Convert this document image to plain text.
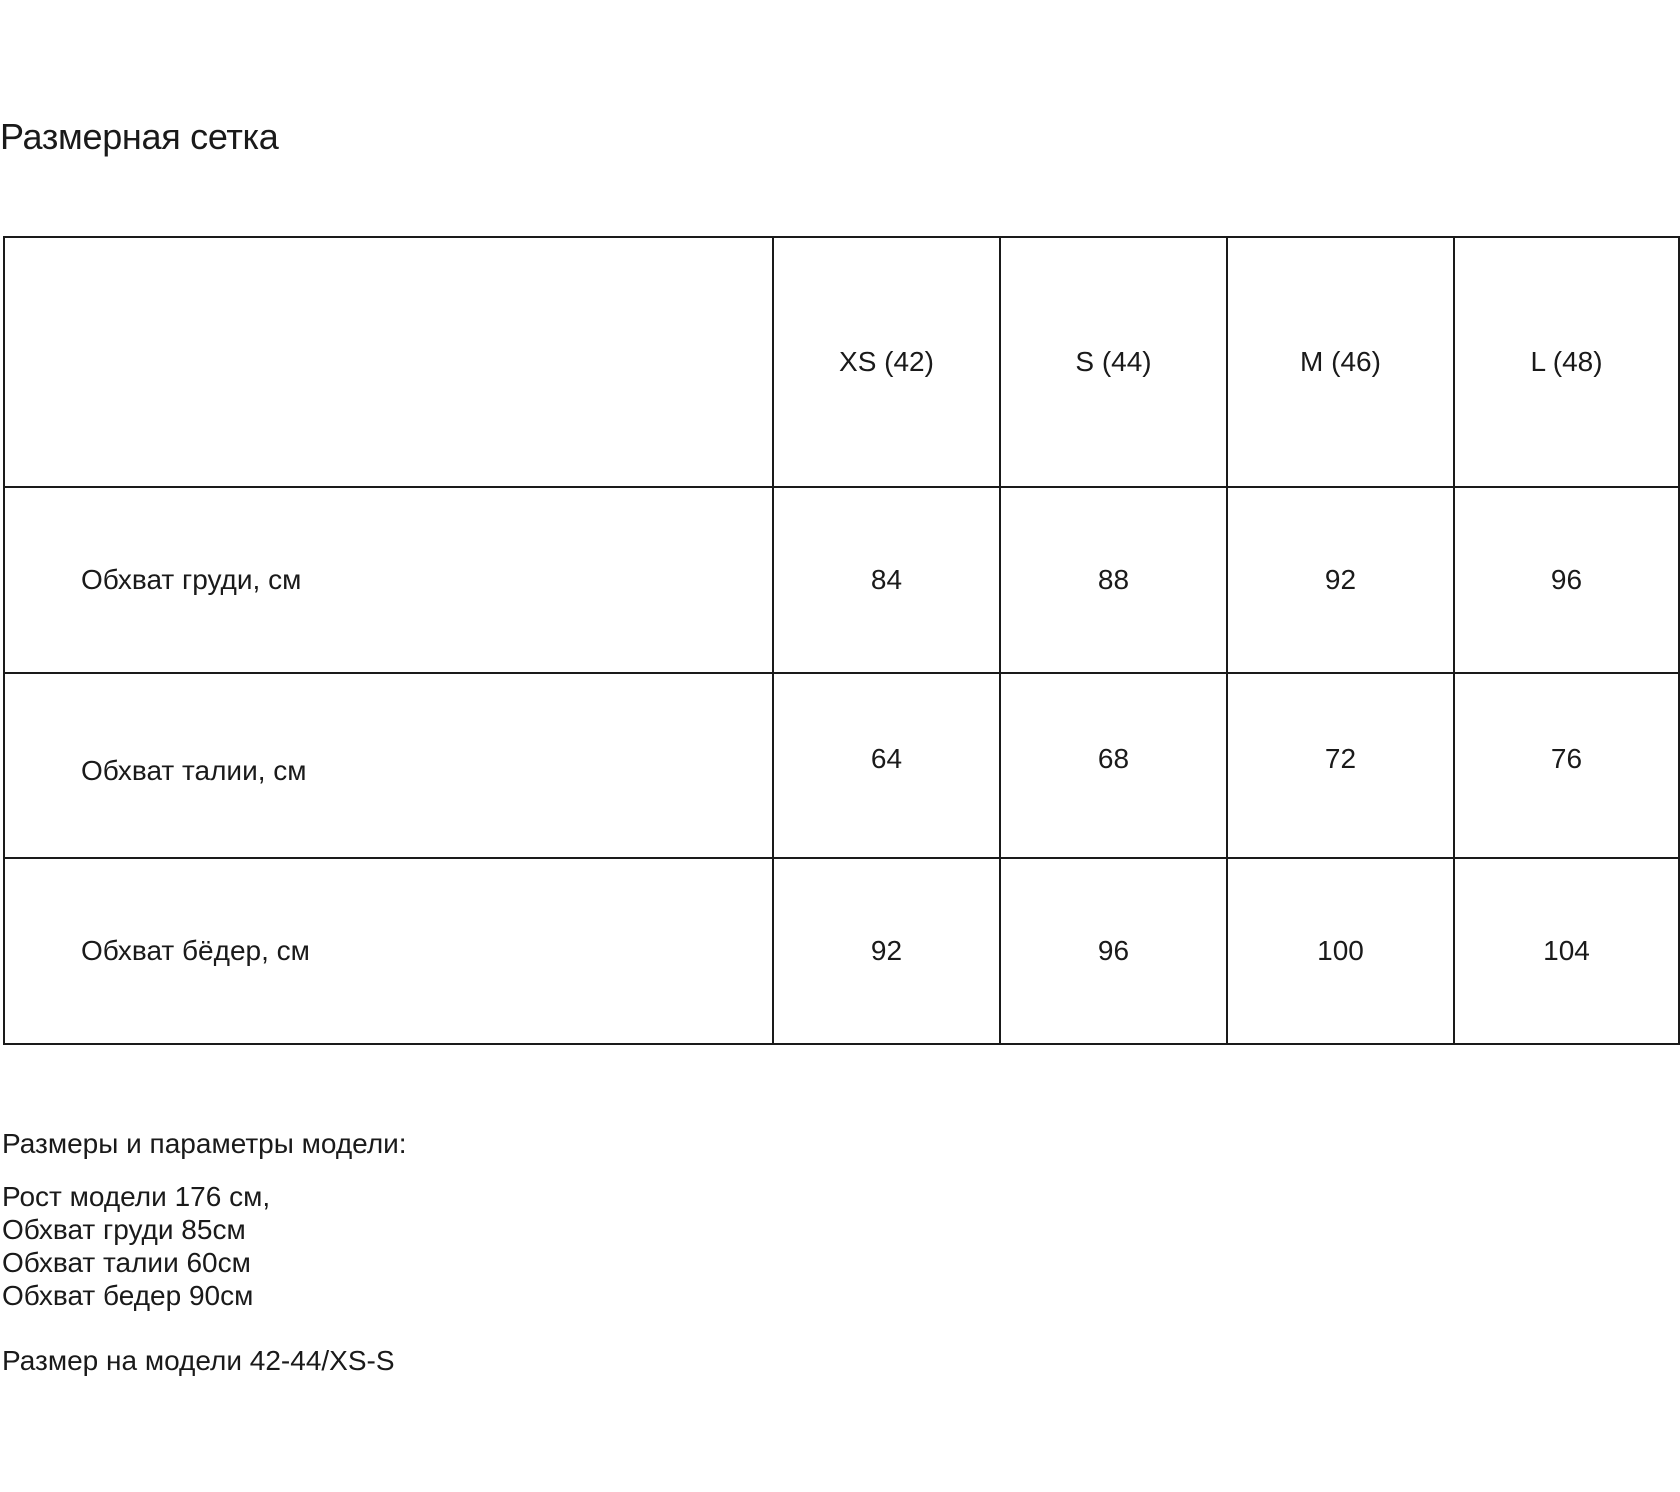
Размерная сетка
	XS (42)	S (44)	M (46)	L (48)
Обхват груди, см	84	88	92	96
Обхват талии, см	64	68	72	76
Обхват бёдер, см	92	96	100	104
Размеры и параметры модели:
Рост модели 176 см,
Обхват груди 85см
Обхват талии 60см
Обхват бедер 90см
Размер на модели 42-44/XS-S
